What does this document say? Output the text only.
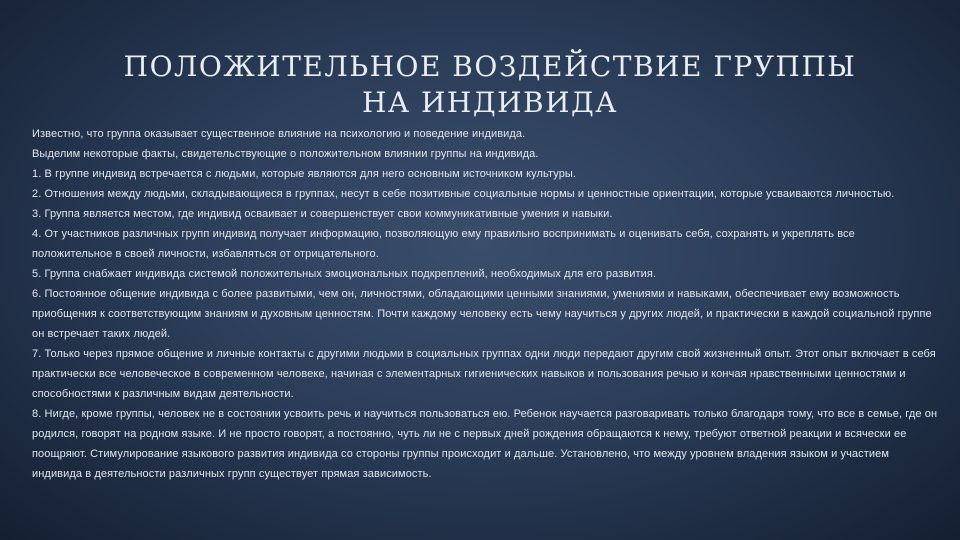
ПОЛОЖИТЕЛЬНОЕ ВОЗДЕЙСТВИЕ ГРУППЫ
НА ИНДИВИДА

Известно, что группа оказывает существенное влияние на психологию и поведение индивида.

Выделим некоторые факты, свидетельствующие о положительном влиянии группы на индивида.

1. В группе индивид встречается с людьми, которые являются для него основным источником культуры.

2. Отношения между людьми, складывающиеся в группах, несут в себе позитивные социальные нормы и ценностные ориентации, которые усваиваются личностью.

3. Группа является местом, где индивид осваивает и совершенствует свои коммуникативные умения и навыки.

4. От участников различных групп индивид получает информацию, позволяющую ему правильно воспринимать и оценивать себя, сохранять и укреплять все положительное в своей личности, избавляться от отрицательного.

5. Группа снабжает индивида системой положительных эмоциональных подкреплений, необходимых для его развития.

6. Постоянное общение индивида с более развитыми, чем он, личностями, обладающими ценными знаниями, умениями и навыками, обеспечивает ему возможность приобщения к соответствующим знаниям и духовным ценностям. Почти каждому человеку есть чему научиться у других людей, и практически в каждой социальной группе он встречает таких людей.

7. Только через прямое общение и личные контакты с другими людьми в социальных группах одни люди передают другим свой жизненный опыт. Этот опыт включает в себя практически все человеческое в современном человеке, начиная с элементарных гигиенических навыков и пользования речью и кончая нравственными ценностями и способностями к различным видам деятельности.

8. Нигде, кроме группы, человек не в состоянии усвоить речь и научиться пользоваться ею. Ребенок научается разговаривать только благодаря тому, что все в семье, где он родился, говорят на родном языке. И не просто говорят, а постоянно, чуть ли не с первых дней рождения обращаются к нему, требуют ответной реакции и всячески ее поощряют. Стимулирование языкового развития индивида со стороны группы происходит и дальше. Установлено, что между уровнем владения языком и участием индивида в деятельности различных групп существует прямая зависимость.
